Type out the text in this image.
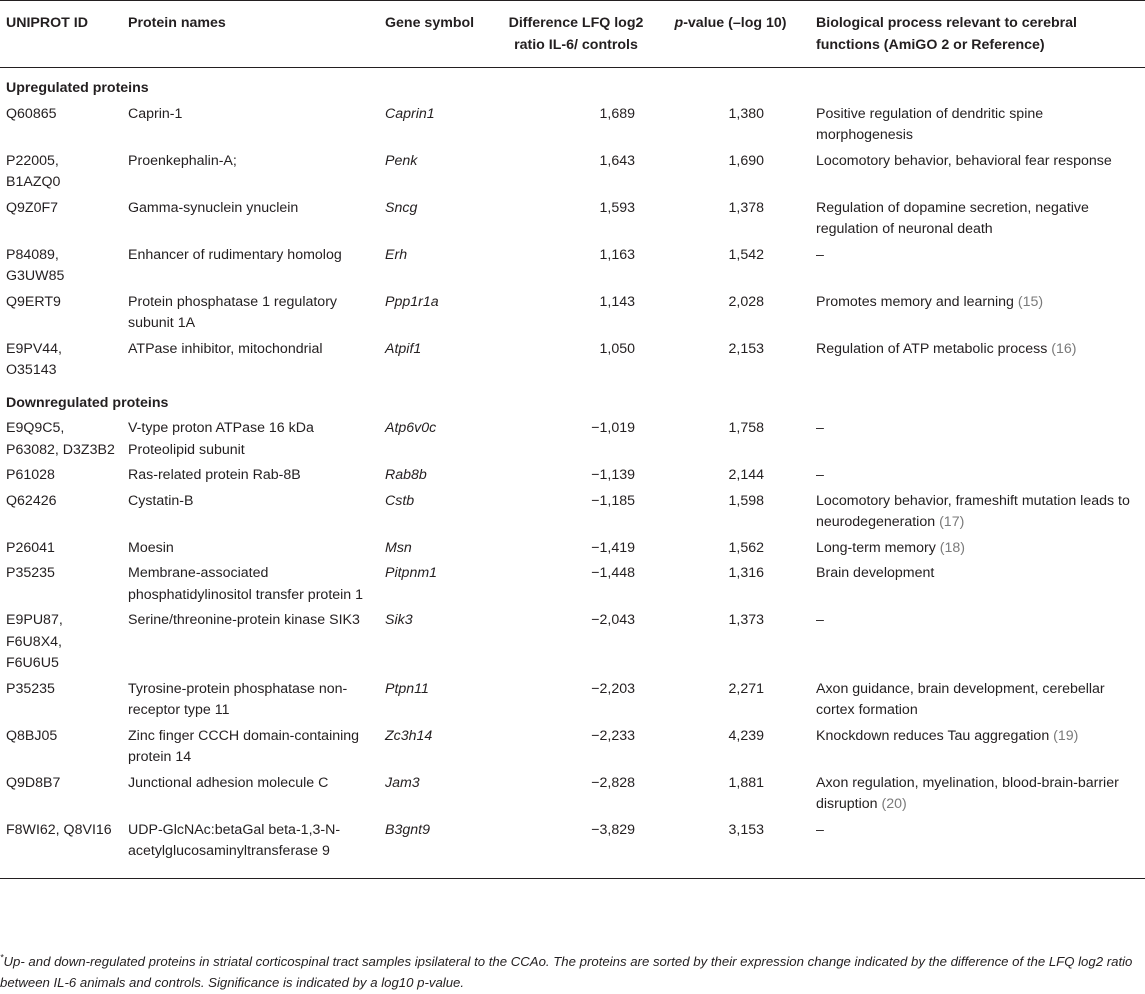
UNIPROT ID	Protein names	Gene symbol	Difference LFQ log2 ratio IL-6/ controls	p-value (–log 10)	Biological process relevant to cerebral functions (AmiGO 2 or Reference)
Upregulated proteins					
Q60865	Caprin-1	Caprin1	1,689	1,380	Positive regulation of dendritic spine morphogenesis
P22005, B1AZQ0	Proenkephalin-A;	Penk	1,643	1,690	Locomotory behavior, behavioral fear response
Q9Z0F7	Gamma-synuclein ynuclein	Sncg	1,593	1,378	Regulation of dopamine secretion, negative regulation of neuronal death
P84089, G3UW85	Enhancer of rudimentary homolog	Erh	1,163	1,542	–
Q9ERT9	Protein phosphatase 1 regulatory subunit 1A	Ppp1r1a	1,143	2,028	Promotes memory and learning (15)
E9PV44, O35143	ATPase inhibitor, mitochondrial	Atpif1	1,050	2,153	Regulation of ATP metabolic process (16)
Downregulated proteins					
E9Q9C5, P63082, D3Z3B2	V-type proton ATPase 16 kDa Proteolipid subunit	Atp6v0c	−1,019	1,758	–
P61028	Ras-related protein Rab-8B	Rab8b	−1,139	2,144	–
Q62426	Cystatin-B	Cstb	−1,185	1,598	Locomotory behavior, frameshift mutation leads to neurodegeneration (17)
P26041	Moesin	Msn	−1,419	1,562	Long-term memory (18)
P35235	Membrane-associated phosphatidylinositol transfer protein 1	Pitpnm1	−1,448	1,316	Brain development
E9PU87, F6U8X4, F6U6U5	Serine/threonine-protein kinase SIK3	Sik3	−2,043	1,373	–
P35235	Tyrosine-protein phosphatase non-receptor type 11	Ptpn11	−2,203	2,271	Axon guidance, brain development, cerebellar cortex formation
Q8BJ05	Zinc finger CCCH domain-containing protein 14	Zc3h14	−2,233	4,239	Knockdown reduces Tau aggregation (19)
Q9D8B7	Junctional adhesion molecule C	Jam3	−2,828	1,881	Axon regulation, myelination, blood-brain-barrier disruption (20)
F8WI62, Q8VI16	UDP-GlcNAc:betaGal beta-1,3-N-acetylglucosaminyltransferase 9	B3gnt9	−3,829	3,153	–
*Up- and down-regulated proteins in striatal corticospinal tract samples ipsilateral to the CCAo. The proteins are sorted by their expression change indicated by the difference of the LFQ log2 ratio between IL-6 animals and controls. Significance is indicated by a log10 p-value.
